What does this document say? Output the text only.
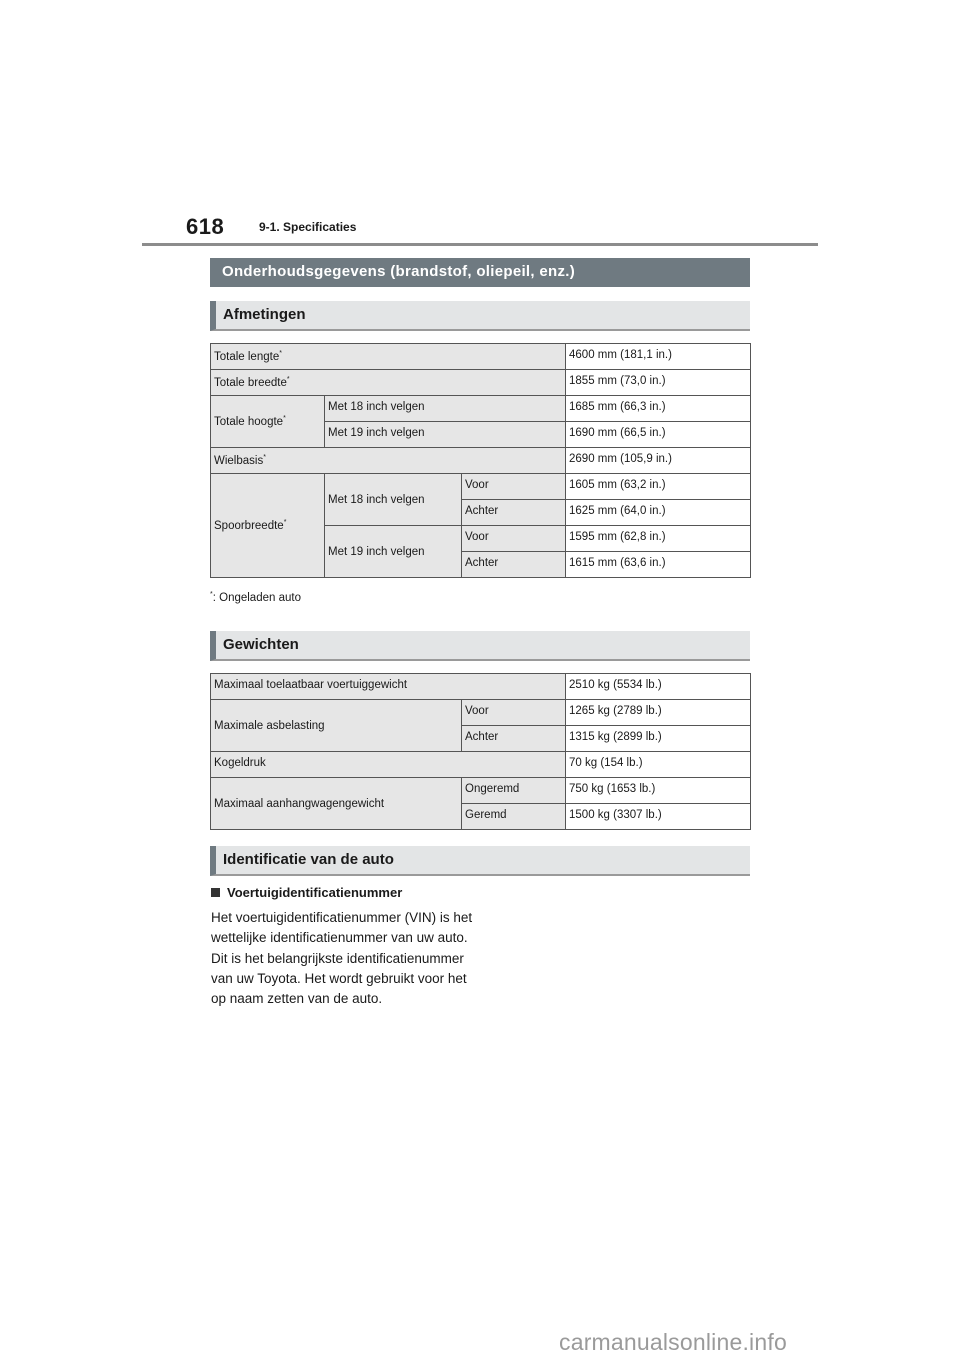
618	9-1. Specificaties
Onderhoudsgegevens (brandstof, oliepeil, enz.)
Afmetingen
Totale lengte*			4600 mm (181,1 in.)
Totale breedte*			1855 mm (73,0 in.)
Totale hoogte*	Met 18 inch velgen		1685 mm (66,3 in.)
	Met 19 inch velgen		1690 mm (66,5 in.)
Wielbasis*			2690 mm (105,9 in.)
Spoorbreedte*	Met 18 inch velgen	Voor	1605 mm (63,2 in.)
		Achter	1625 mm (64,0 in.)
	Met 19 inch velgen	Voor	1595 mm (62,8 in.)
		Achter	1615 mm (63,6 in.)
*: Ongeladen auto
Gewichten
Maximaal toelaatbaar voertuiggewicht		2510 kg (5534 lb.)
Maximale asbelasting	Voor	1265 kg (2789 lb.)
	Achter	1315 kg (2899 lb.)
Kogeldruk		70 kg (154 lb.)
Maximaal aanhangwagengewicht	Ongeremd	750 kg (1653 lb.)
	Geremd	1500 kg (3307 lb.)
Identificatie van de auto
Voertuigidentificatienummer

Het voertuigidentificatienummer (VIN) is het wettelijke identificatienummer van uw auto. Dit is het belangrijkste identificatienummer van uw Toyota. Het wordt gebruikt voor het op naam zetten van de auto.

carmanualsonline.info
